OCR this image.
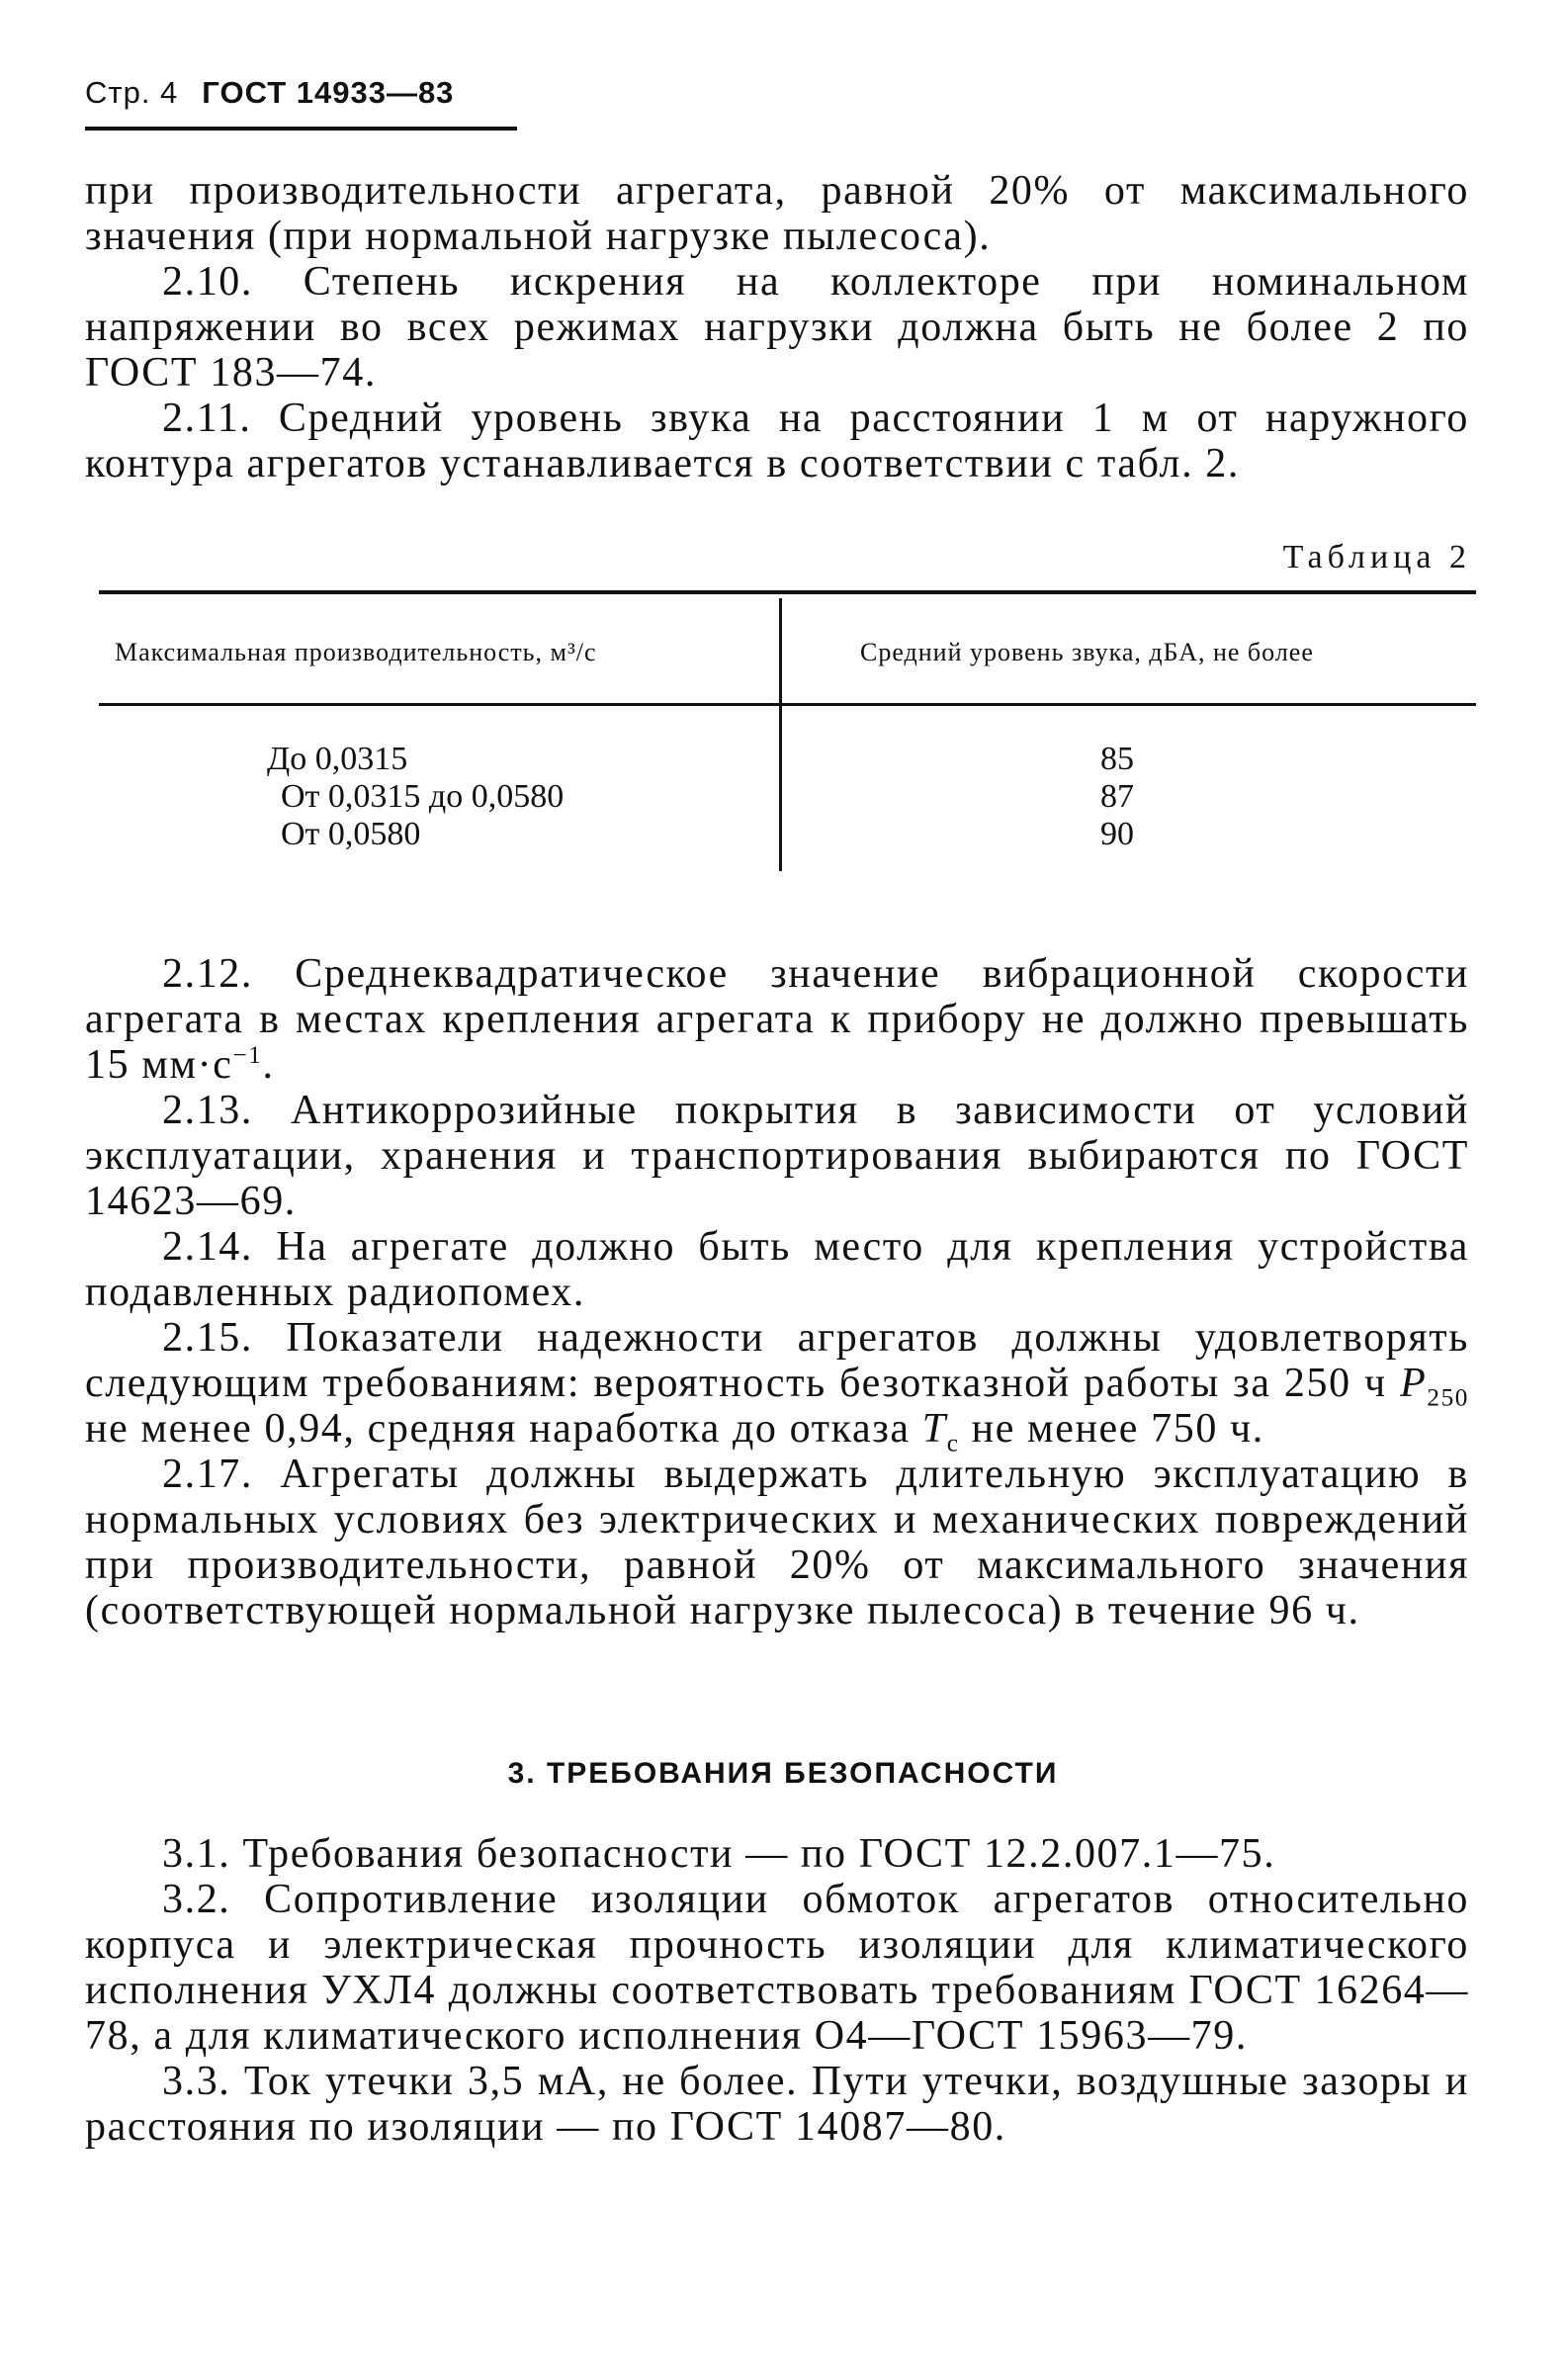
Стр. 4 ГОСТ 14933—83

при производительности агрегата, равной 20% от максимального значения (при нормальной нагрузке пылесоса).

2.10. Степень искрения на коллекторе при номинальном напряжении во всех режимах нагрузки должна быть не более 2 по ГОСТ 183—74.

2.11. Средний уровень звука на расстоянии 1 м от наружного контура агрегатов устанавливается в соответствии с табл. 2.

Таблица 2
Максимальная производительность, м³/с	Средний уровень звука, дБА, не более
До 0,0315
От 0,0315 до 0,0580
От 0,0580
85
87
90

2.12. Среднеквадратическое значение вибрационной скорости агрегата в местах крепления агрегата к прибору не должно превышать 15 $мм\cdot с^{-1}$.

2.13. Антикоррозийные покрытия в зависимости от условий эксплуатации, хранения и транспортирования выбираются по ГОСТ 14623—69.

2.14. На агрегате должно быть место для крепления устройства подавленных радиопомех.

2.15. Показатели надежности агрегатов должны удовлетворять следующим требованиям: вероятность безотказной работы за 250 ч $P_{250}$ не менее 0,94, средняя наработка до отказа $T_c$ не менее 750 ч.

2.17. Агрегаты должны выдержать длительную эксплуатацию в нормальных условиях без электрических и механических повреждений при производительности, равной 20% от максимального значения (соответствующей нормальной нагрузке пылесоса) в течение 96 ч.

3. ТРЕБОВАНИЯ БЕЗОПАСНОСТИ

3.1. Требования безопасности — по ГОСТ 12.2.007.1—75.

3.2. Сопротивление изоляции обмоток агрегатов относительно корпуса и электрическая прочность изоляции для климатического исполнения УХЛ4 должны соответствовать требованиям ГОСТ 16264—78, а для климатического исполнения О4—ГОСТ 15963—79.

3.3. Ток утечки 3,5 мА, не более. Пути утечки, воздушные зазоры и расстояния по изоляции — по ГОСТ 14087—80.
